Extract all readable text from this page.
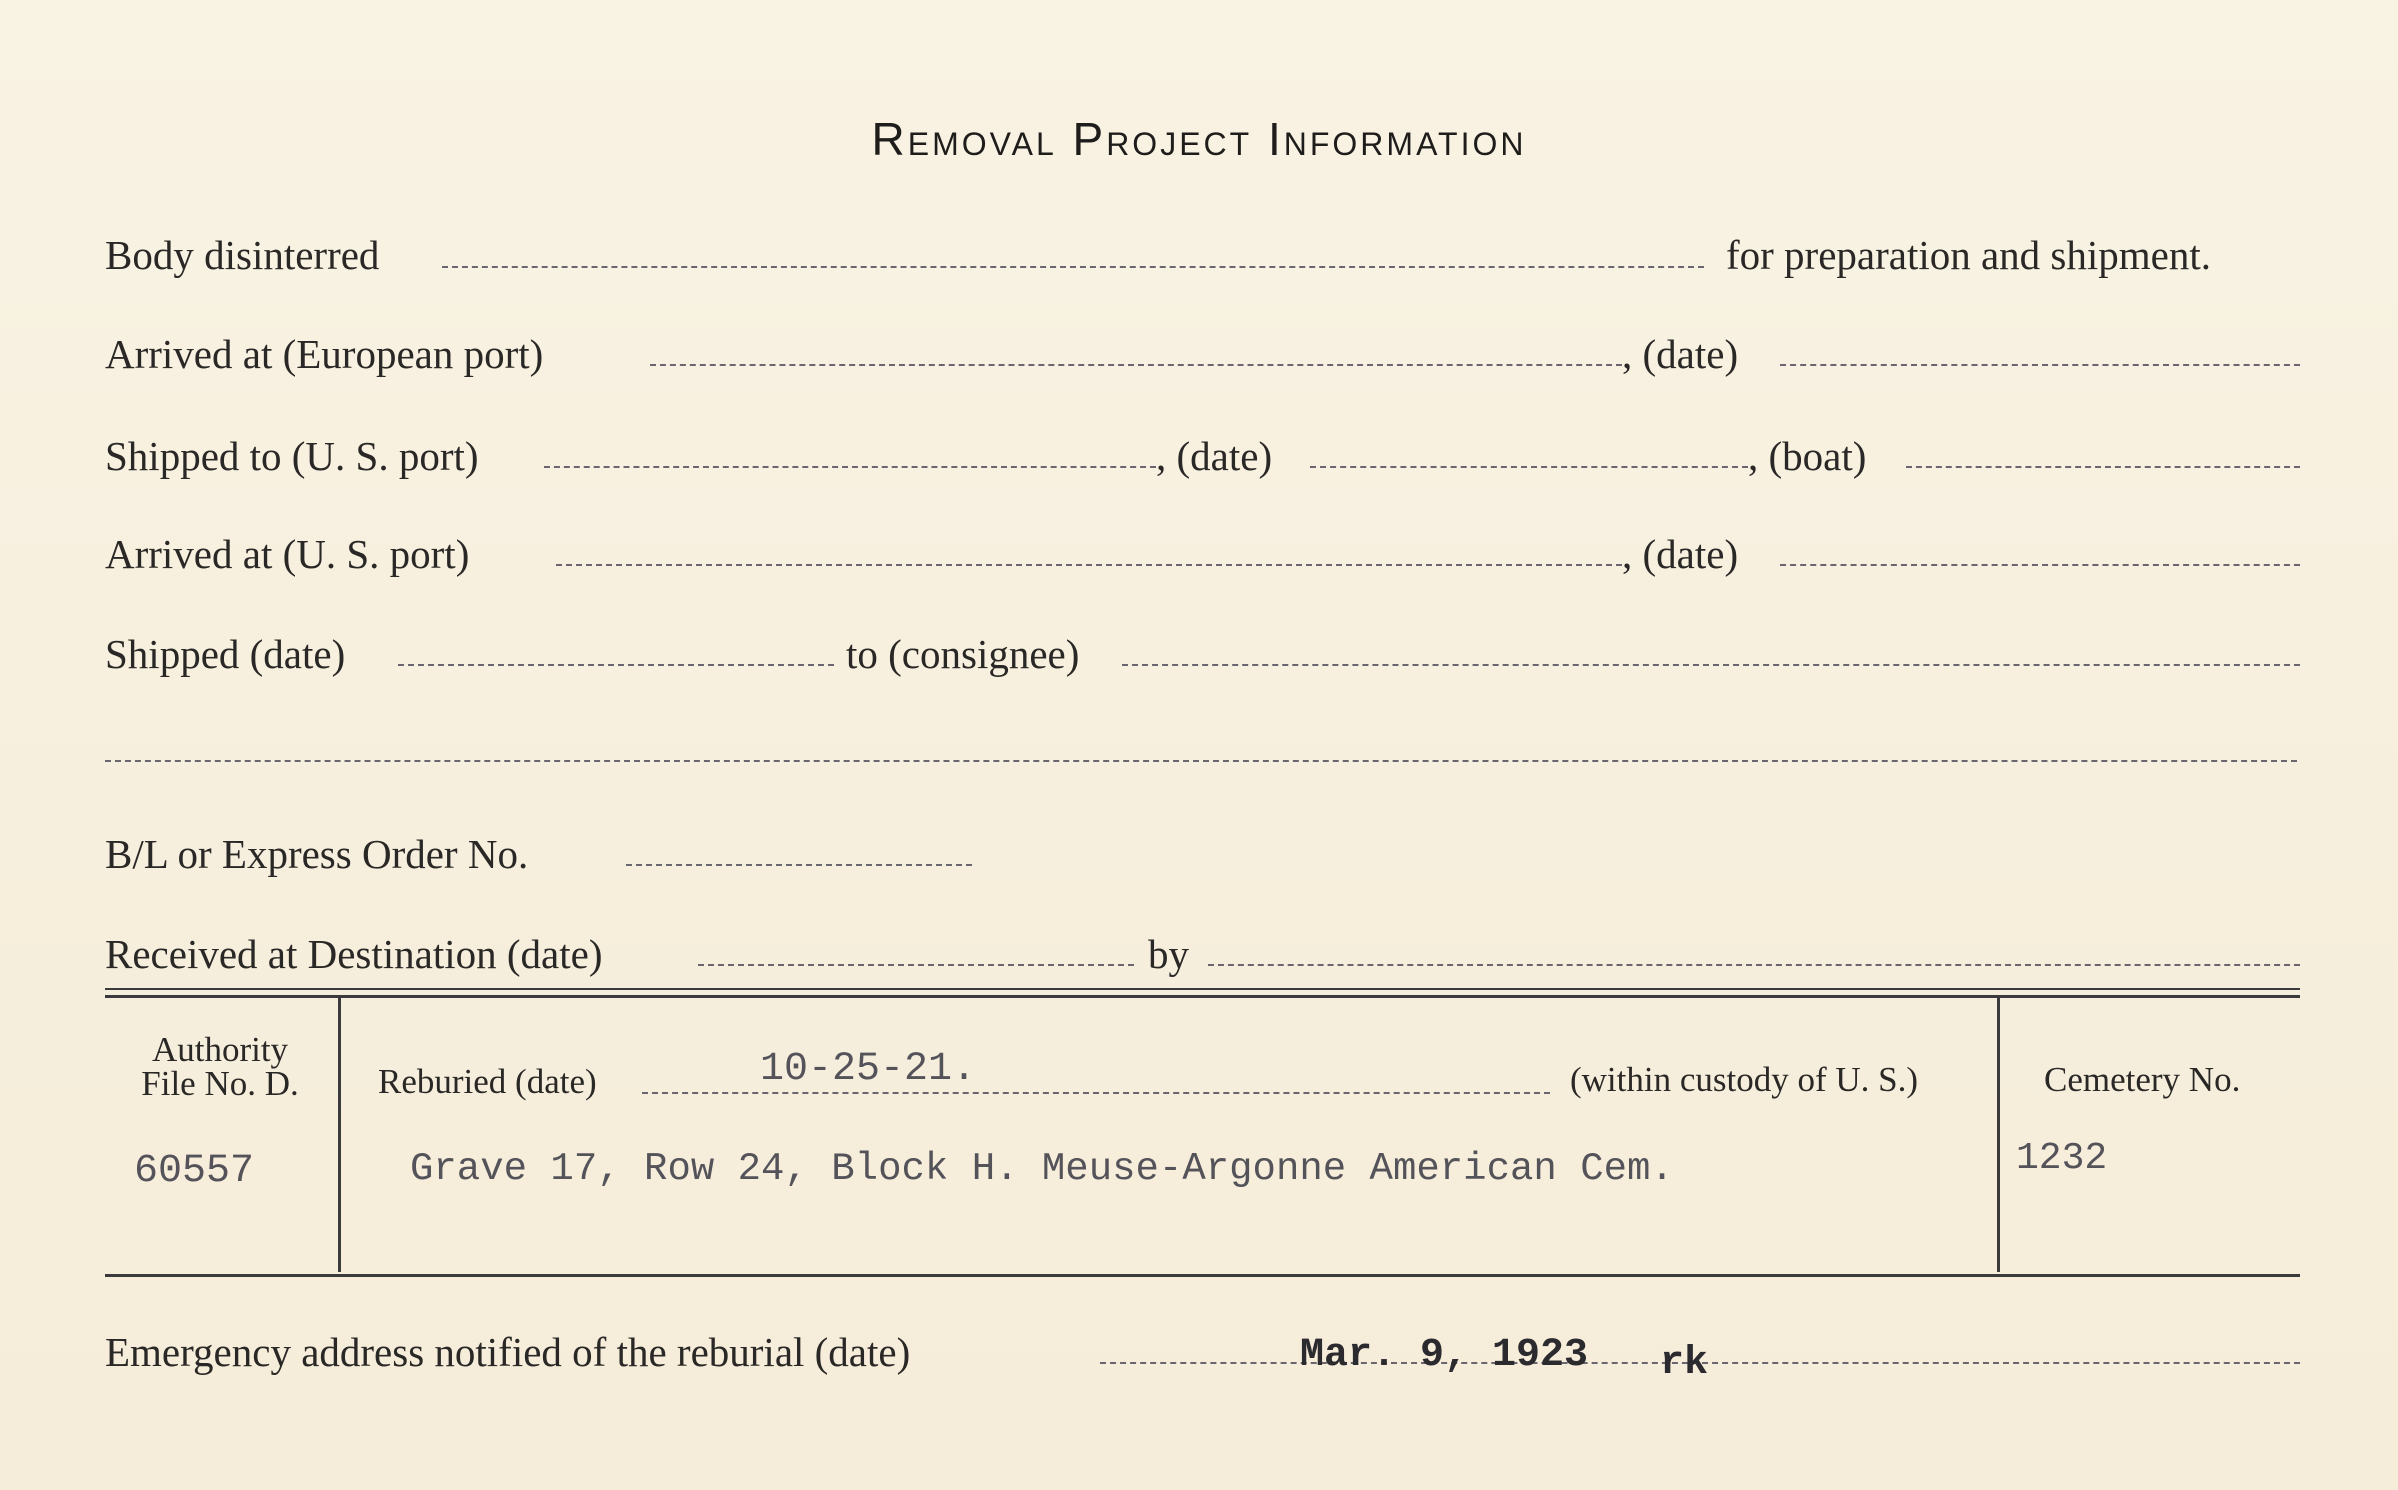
Removal Project Information
Body disinterred	for preparation and shipment.
Arrived at (European port)	, (date)
Shipped to (U. S. port)	, (date)	, (boat)
Arrived at (U. S. port)	, (date)
Shipped (date)	to (consignee)
B/L or Express Order No.
Received at Destination (date)	by
Authority
File No. D.
60557
Reburied (date)	10-25-21.	(within custody of U. S.)
Grave 17, Row 24, Block H. Meuse-Argonne American Cem.
Cemetery No.
1232
Emergency address notified of the reburial (date)	Mar. 9, 1923 rk
